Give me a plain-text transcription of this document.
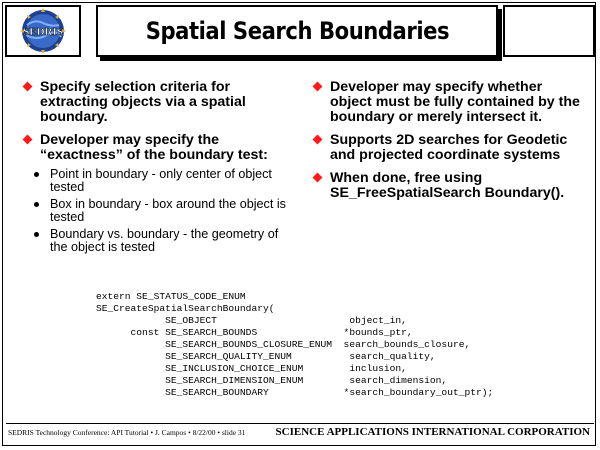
SEDRIS	Spatial Search Boundaries
Specify selection criteria for extracting objects via a spatial boundary.
Developer may specify the “exactness” of the boundary test:
Point in boundary - only center of object tested
Box in boundary - box around the object is tested
Boundary vs. boundary - the geometry of the object is tested
Developer may specify whether object must be fully contained by the boundary or merely intersect it.
Supports 2D searches for Geodetic and projected coordinate systems
When done, free using SE_FreeSpatialSearch Boundary().
extern SE_STATUS_CODE_ENUM
SE_CreateSpatialSearchBoundary(
SE_OBJECT                       object_in,
const SE_SEARCH_BOUNDS               *bounds_ptr,
SE_SEARCH_BOUNDS_CLOSURE_ENUM  search_bounds_closure,
SE_SEARCH_QUALITY_ENUM          search_quality,
SE_INCLUSION_CHOICE_ENUM        inclusion,
SE_SEARCH_DIMENSION_ENUM        search_dimension,
SE_SEARCH_BOUNDARY             *search_boundary_out_ptr);
SEDRIS Technology Conference: API Tutorial • J. Campos • 8/22/00 • slide 31	SCIENCE APPLICATIONS INTERNATIONAL CORPORATION
